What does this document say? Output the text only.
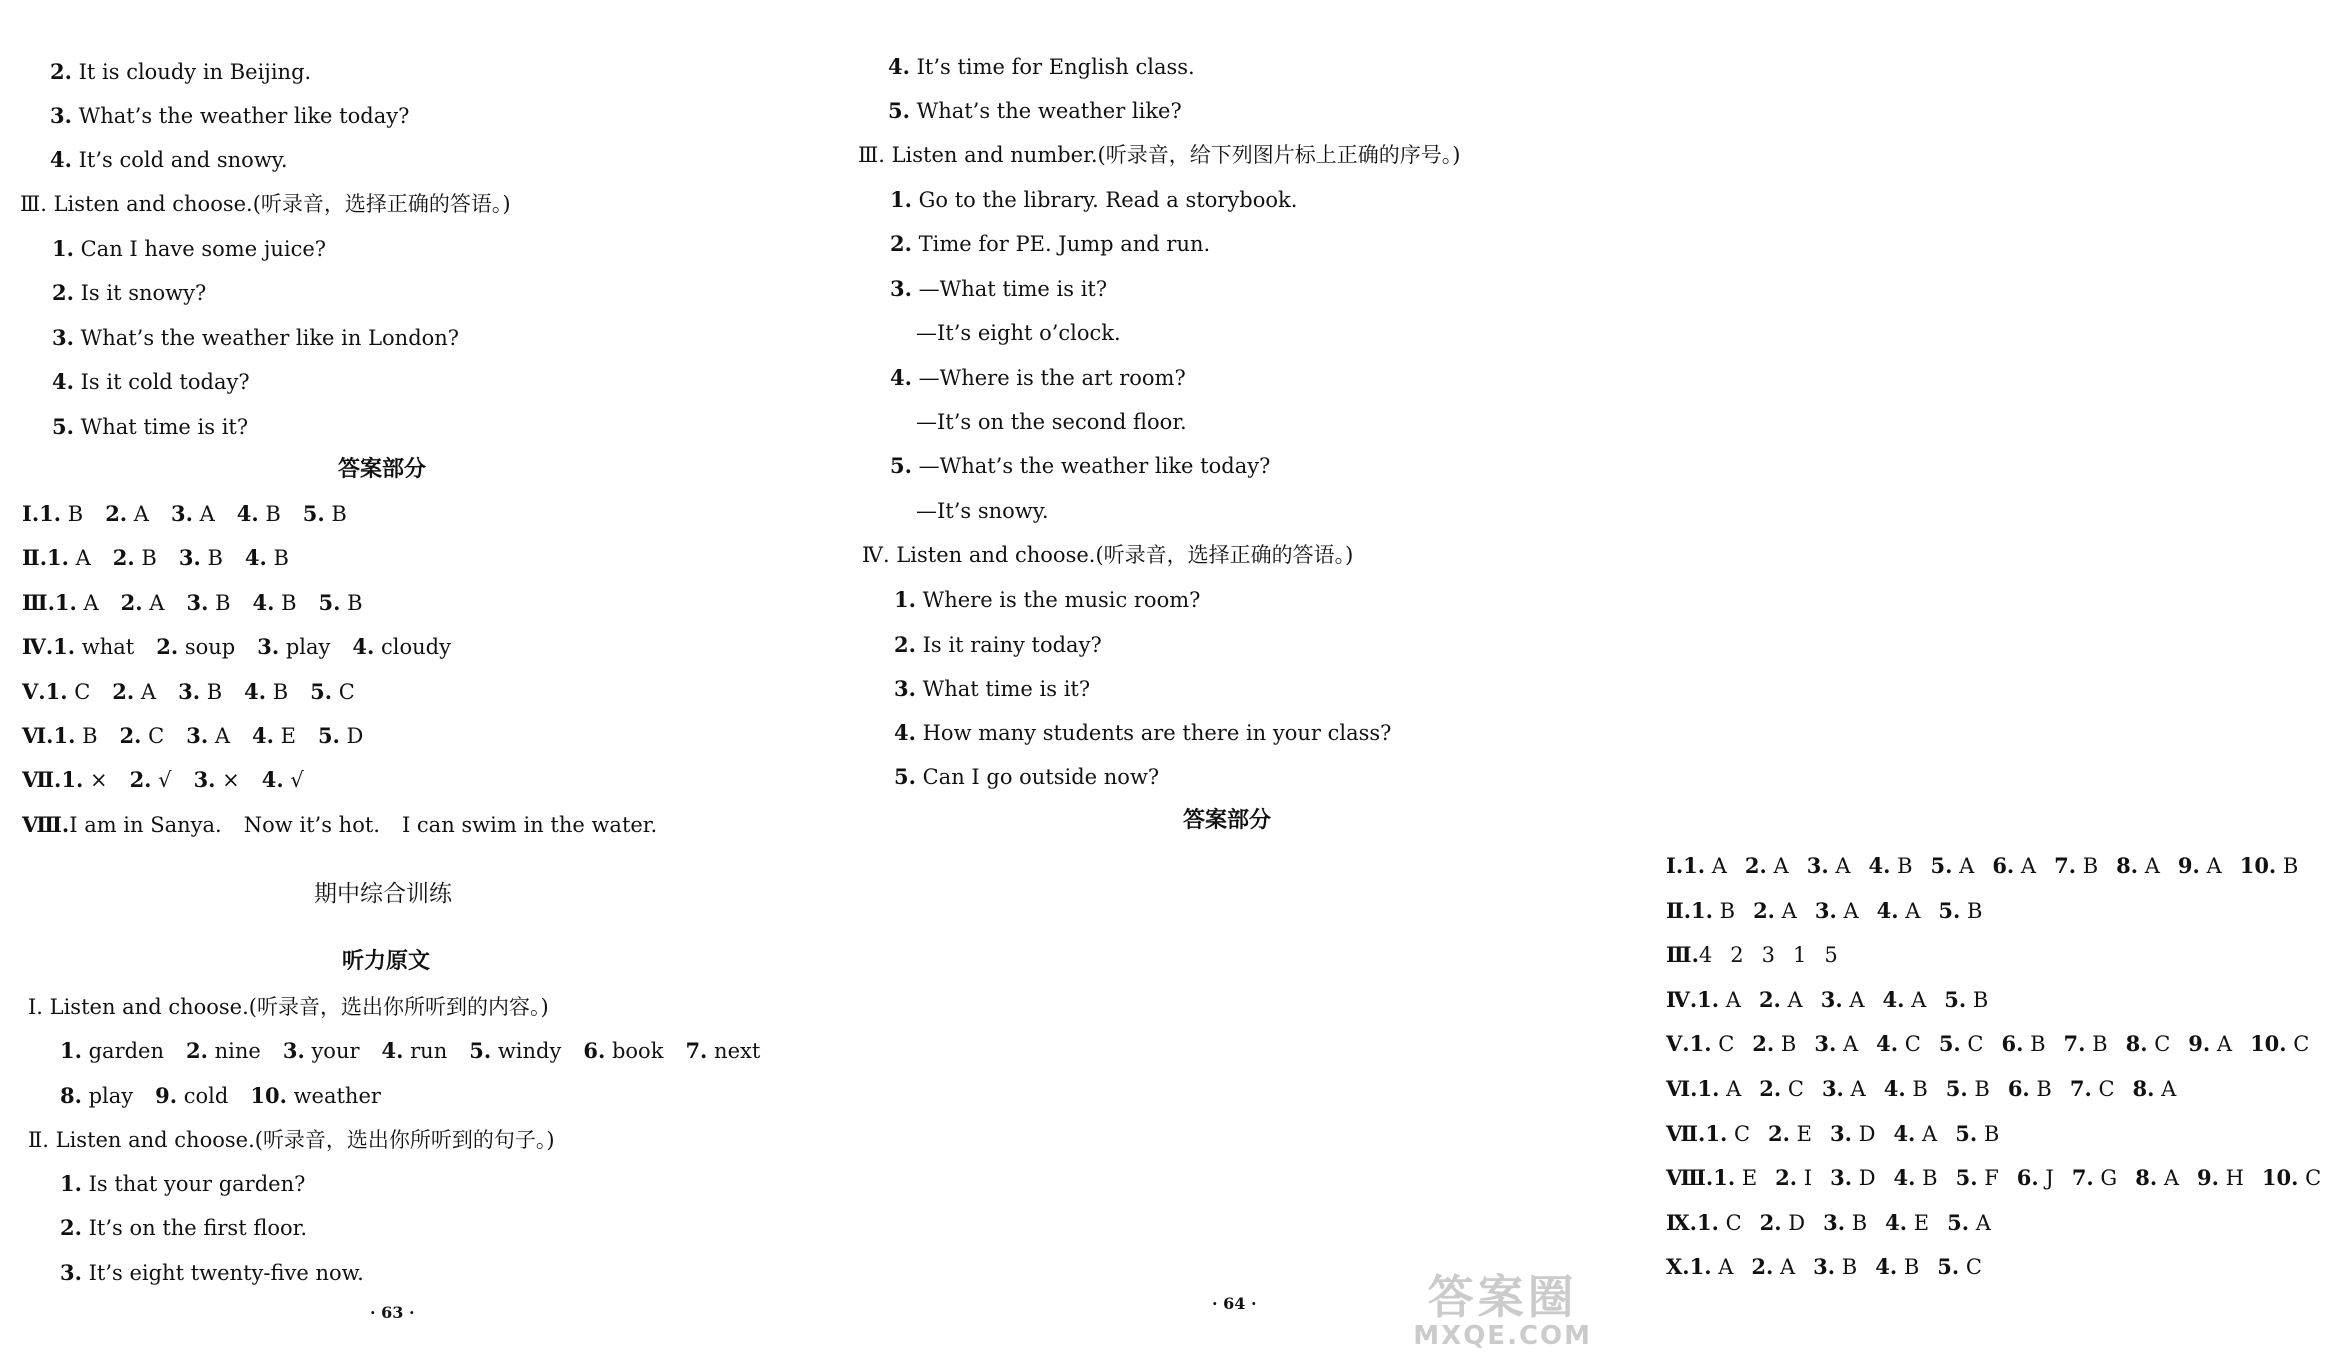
2. It is cloudy in Beijing.
3. What’s the weather like today?
4. It’s cold and snowy.
Ⅲ. Listen and choose.(听录音，选择正确的答语。)
1. Can I have some juice?
2. Is it snowy?
3. What’s the weather like in London?
4. Is it cold today?
5. What time is it?
答案部分
Ⅰ.1. B 2. A 3. A 4. B 5. B
Ⅱ.1. A 2. B 3. B 4. B
Ⅲ.1. A 2. A 3. B 4. B 5. B
Ⅳ.1. what 2. soup 3. play 4. cloudy
Ⅴ.1. C 2. A 3. B 4. B 5. C
Ⅵ.1. B 2. C 3. A 4. E 5. D
Ⅶ.1. × 2. √ 3. × 4. √
Ⅷ.I am in Sanya. Now it’s hot. I can swim in the water.
期中综合训练
听力原文
Ⅰ. Listen and choose.(听录音，选出你所听到的内容。)
1. garden 2. nine 3. your 4. run 5. windy 6. book 7. next
8. play 9. cold 10. weather
Ⅱ. Listen and choose.(听录音，选出你所听到的句子。)
1. Is that your garden?
2. It’s on the first floor.
3. It’s eight twenty-five now.
· 63 ·
4. It’s time for English class.
5. What’s the weather like?
Ⅲ. Listen and number.(听录音，给下列图片标上正确的序号。)
1. Go to the library. Read a storybook.
2. Time for PE. Jump and run.
3. —What time is it?
—It’s eight o’clock.
4. —Where is the art room?
—It’s on the second floor.
5. —What’s the weather like today?
—It’s snowy.
Ⅳ. Listen and choose.(听录音，选择正确的答语。)
1. Where is the music room?
2. Is it rainy today?
3. What time is it?
4. How many students are there in your class?
5. Can I go outside now?
答案部分
Ⅰ.1. A 2. A 3. A 4. B 5. A 6. A 7. B 8. A 9. A 10. B
Ⅱ.1. B 2. A 3. A 4. A 5. B
Ⅲ.4 2 3 1 5
Ⅳ.1. A 2. A 3. A 4. A 5. B
Ⅴ.1. C 2. B 3. A 4. C 5. C 6. B 7. B 8. C 9. A 10. C
Ⅵ.1. A 2. C 3. A 4. B 5. B 6. B 7. C 8. A
Ⅶ.1. C 2. E 3. D 4. A 5. B
Ⅷ.1. E 2. I 3. D 4. B 5. F 6. J 7. G 8. A 9. H 10. C
Ⅸ.1. C 2. D 3. B 4. E 5. A
Ⅹ.1. A 2. A 3. B 4. B 5. C
· 64 ·	答案圈
MXQE.COM
